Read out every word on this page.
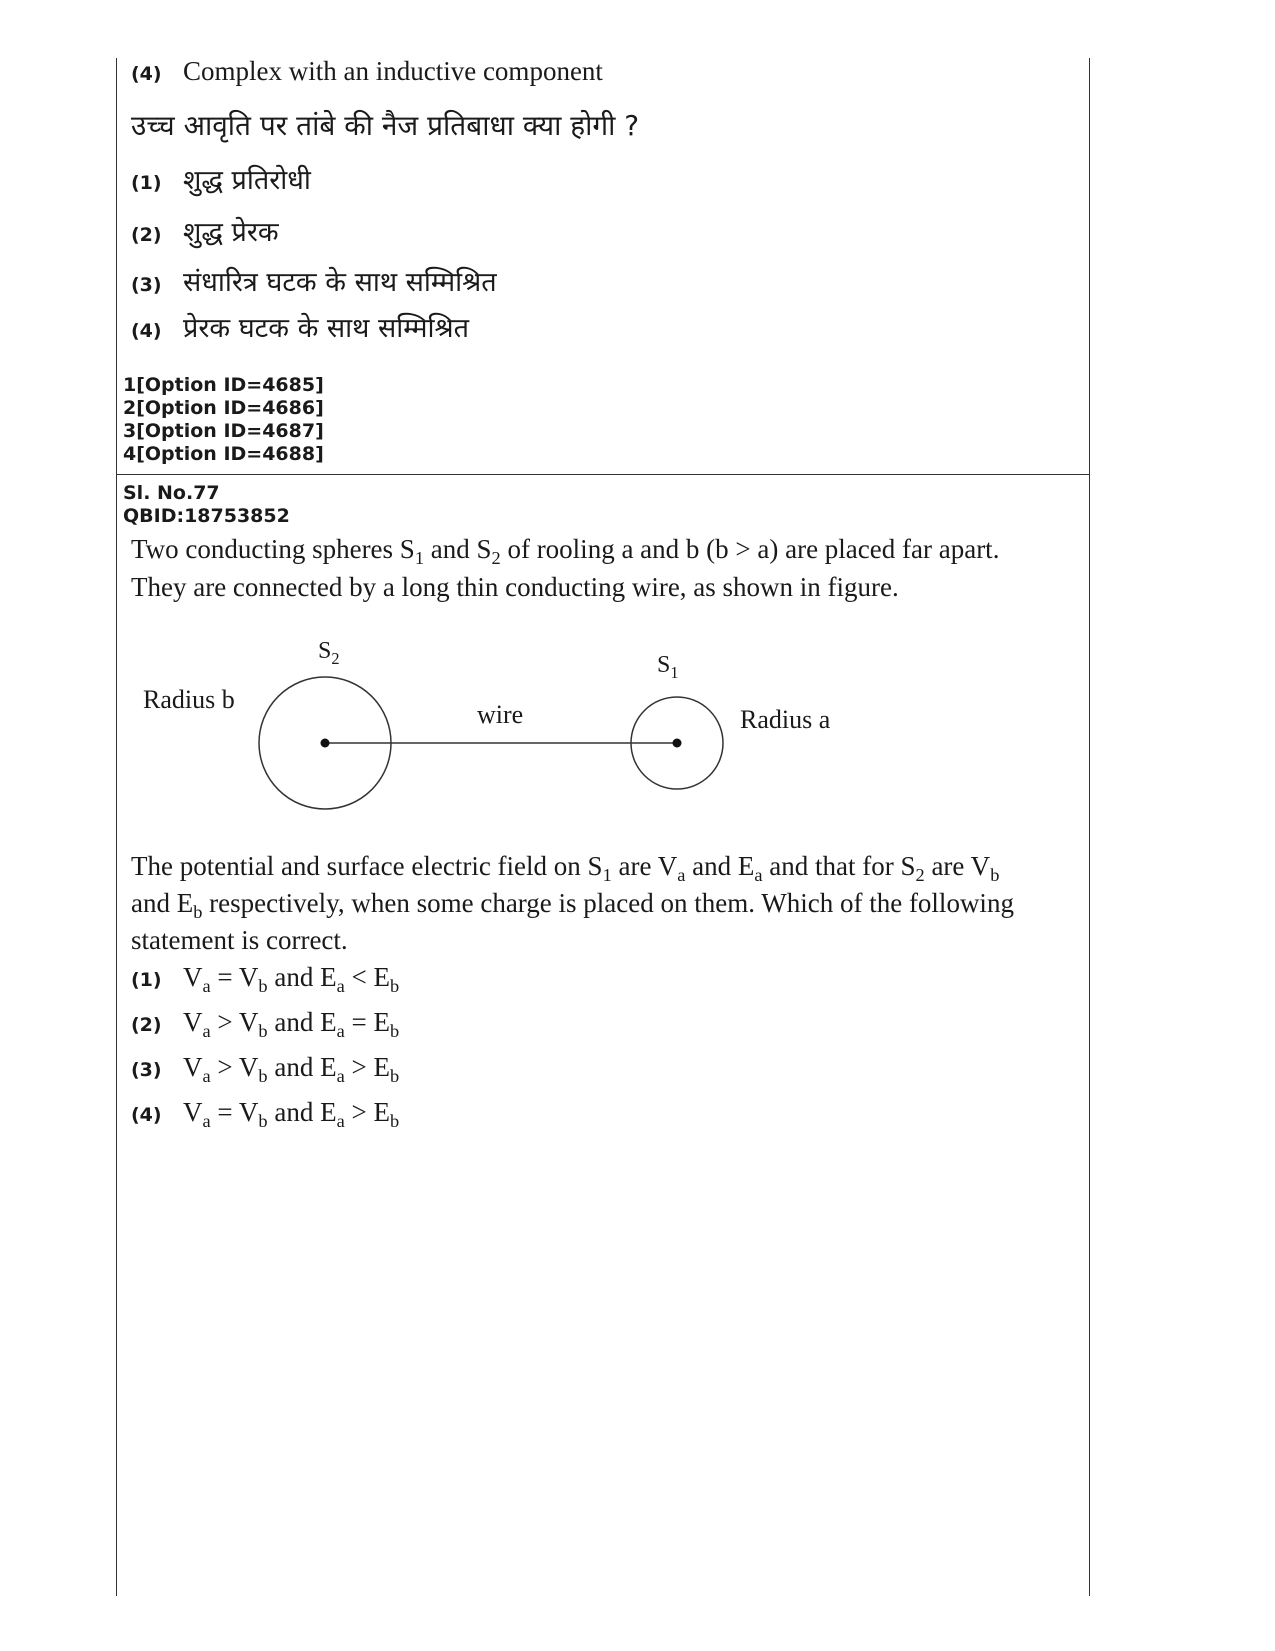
(4) Complex with an inductive component
उच्च आवृति पर तांबे की नैज प्रतिबाधा क्या होगी ?
(1) शुद्ध प्रतिरोधी
(2) शुद्ध प्रेरक
(3) संधारित्र घटक के साथ सम्मिश्रित
(4) प्रेरक घटक के साथ सम्मिश्रित
1[Option ID=4685]
2[Option ID=4686]
3[Option ID=4687]
4[Option ID=4688]
Sl. No.77
QBID:18753852
Two conducting spheres $S_1$ and $S_2$ of rooling a and b (b > a) are placed far apart.
They are connected by a long thin conducting wire, as shown in figure.
Radius b
wire	Radius a
$S_2$	$S_1$
The potential and surface electric field on $S_1$ are $V_a$ and $E_a$ and that for $S_2$ are $V_b$
and $E_b$ respectively, when some charge is placed on them. Which of the following
statement is correct.
(1) $V_a = V_b$ and $E_a < E_b$
(2) $V_a > V_b$ and $E_a = E_b$
(3) $V_a > V_b$ and $E_a > E_b$
(4) $V_a = V_b$ and $E_a > E_b$
